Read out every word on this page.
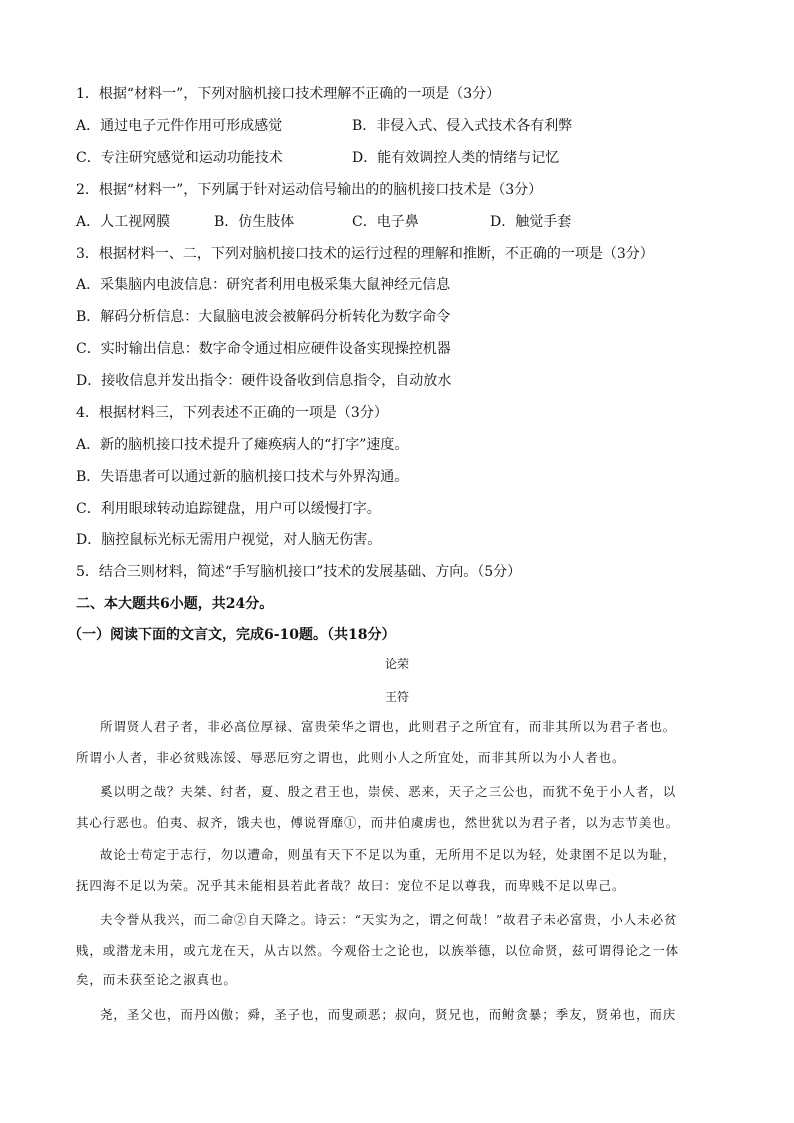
1．根据“材料一”，下列对脑机接口技术理解不正确的一项是（3分）
A．通过电子元件作用可形成感觉	B．非侵入式、侵入式技术各有利弊
C．专注研究感觉和运动功能技术	D．能有效调控人类的情绪与记忆
2．根据“材料一”，下列属于针对运动信号输出的的脑机接口技术是（3分）
A．人工视网膜	B．仿生肢体	C．电子鼻	D．触觉手套
3．根据材料一、二，下列对脑机接口技术的运行过程的理解和推断，不正确的一项是（3分）
A．采集脑内电波信息：研究者利用电极采集大鼠神经元信息
B．解码分析信息：大鼠脑电波会被解码分析转化为数字命令
C．实时输出信息：数字命令通过相应硬件设备实现操控机器
D．接收信息并发出指令：硬件设备收到信息指令，自动放水
4．根据材料三，下列表述不正确的一项是（3分）
A．新的脑机接口技术提升了瘫痪病人的“打字”速度。
B．失语患者可以通过新的脑机接口技术与外界沟通。
C．利用眼球转动追踪键盘，用户可以缓慢打字。
D．脑控鼠标光标无需用户视觉，对人脑无伤害。
5．结合三则材料，简述“手写脑机接口”技术的发展基础、方向。（5分）
二、本大题共6小题，共24分。
（一）阅读下面的文言文，完成6-10题。（共18分）
论荣
王符
所谓贤人君子者，非必高位厚禄、富贵荣华之谓也，此则君子之所宜有，而非其所以为君子者也。
所谓小人者，非必贫贱冻馁、辱恶厄穷之谓也，此则小人之所宜处，而非其所以为小人者也。
奚以明之哉？夫桀、纣者，夏、殷之君王也，崇侯、恶来，天子之三公也，而犹不免于小人者，以
其心行恶也。伯夷、叔齐，饿夫也，傅说胥靡①，而井伯虞虏也，然世犹以为君子者，以为志节美也。
故论士苟定于志行，勿以遭命，则虽有天下不足以为重，无所用不足以为轻，处隶圉不足以为耻，
抚四海不足以为荣。况乎其未能相县若此者哉？故曰：宠位不足以尊我，而卑贱不足以卑己。
夫令誉从我兴，而二命②自天降之。诗云：“天实为之，谓之何哉！”故君子未必富贵，小人未必贫
贱，或潜龙未用，或亢龙在天，从古以然。今观俗士之论也，以族举德，以位命贤，兹可谓得论之一体
矣，而未获至论之淑真也。
尧，圣父也，而丹凶傲；舜，圣子也，而叟顽恶；叔向，贤兄也，而鲋贪暴；季友，贤弟也，而庆
